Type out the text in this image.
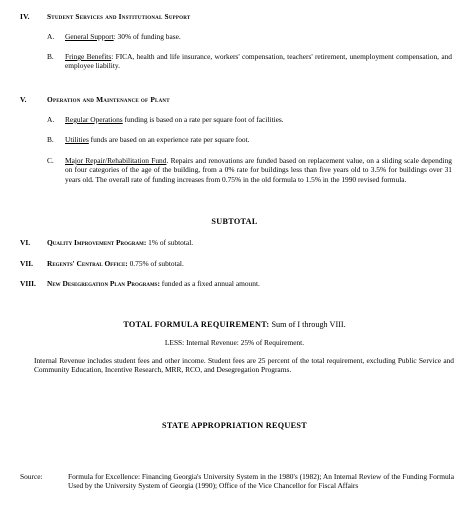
IV.	Student Services and Institutional Support
A.	General Support: 30% of funding base.
B.	Fringe Benefits: FICA, health and life insurance, workers' compensation, teachers' retirement, unemployment compensation, and employee liability.
V.	Operation and Maintenance of Plant
A.	Regular Operations funding is based on a rate per square foot of facilities.
B.	Utilities funds are based on an experience rate per square foot.
C.	Major Repair/Rehabilitation Fund. Repairs and renovations are funded based on replacement value, on a sliding scale depending on four categories of the age of the building, from a 0% rate for buildings less than five years old to 3.5% for buildings over 31 years old. The overall rate of funding increases from 0.75% in the old formula to 1.5% in the 1990 revised formula.
SUBTOTAL
VI.	Quality Improvement Program: 1% of subtotal.
VII.	Regents' Central Office: 0.75% of subtotal.
VIII.	New Desegregation Plan Programs: funded as a fixed annual amount.
TOTAL FORMULA REQUIREMENT: Sum of I through VIII.
LESS: Internal Revenue: 25% of Requirement.
Internal Revenue includes student fees and other income. Student fees are 25 percent of the total requirement, excluding Public Service and Community Education, Incentive Research, MRR, RCO, and Desegregation Programs.
STATE APPROPRIATION REQUEST
Source:	Formula for Excellence: Financing Georgia's University System in the 1980's (1982); An Internal Review of the Funding Formula Used by the University System of Georgia (1990); Office of the Vice Chancellor for Fiscal Affairs
